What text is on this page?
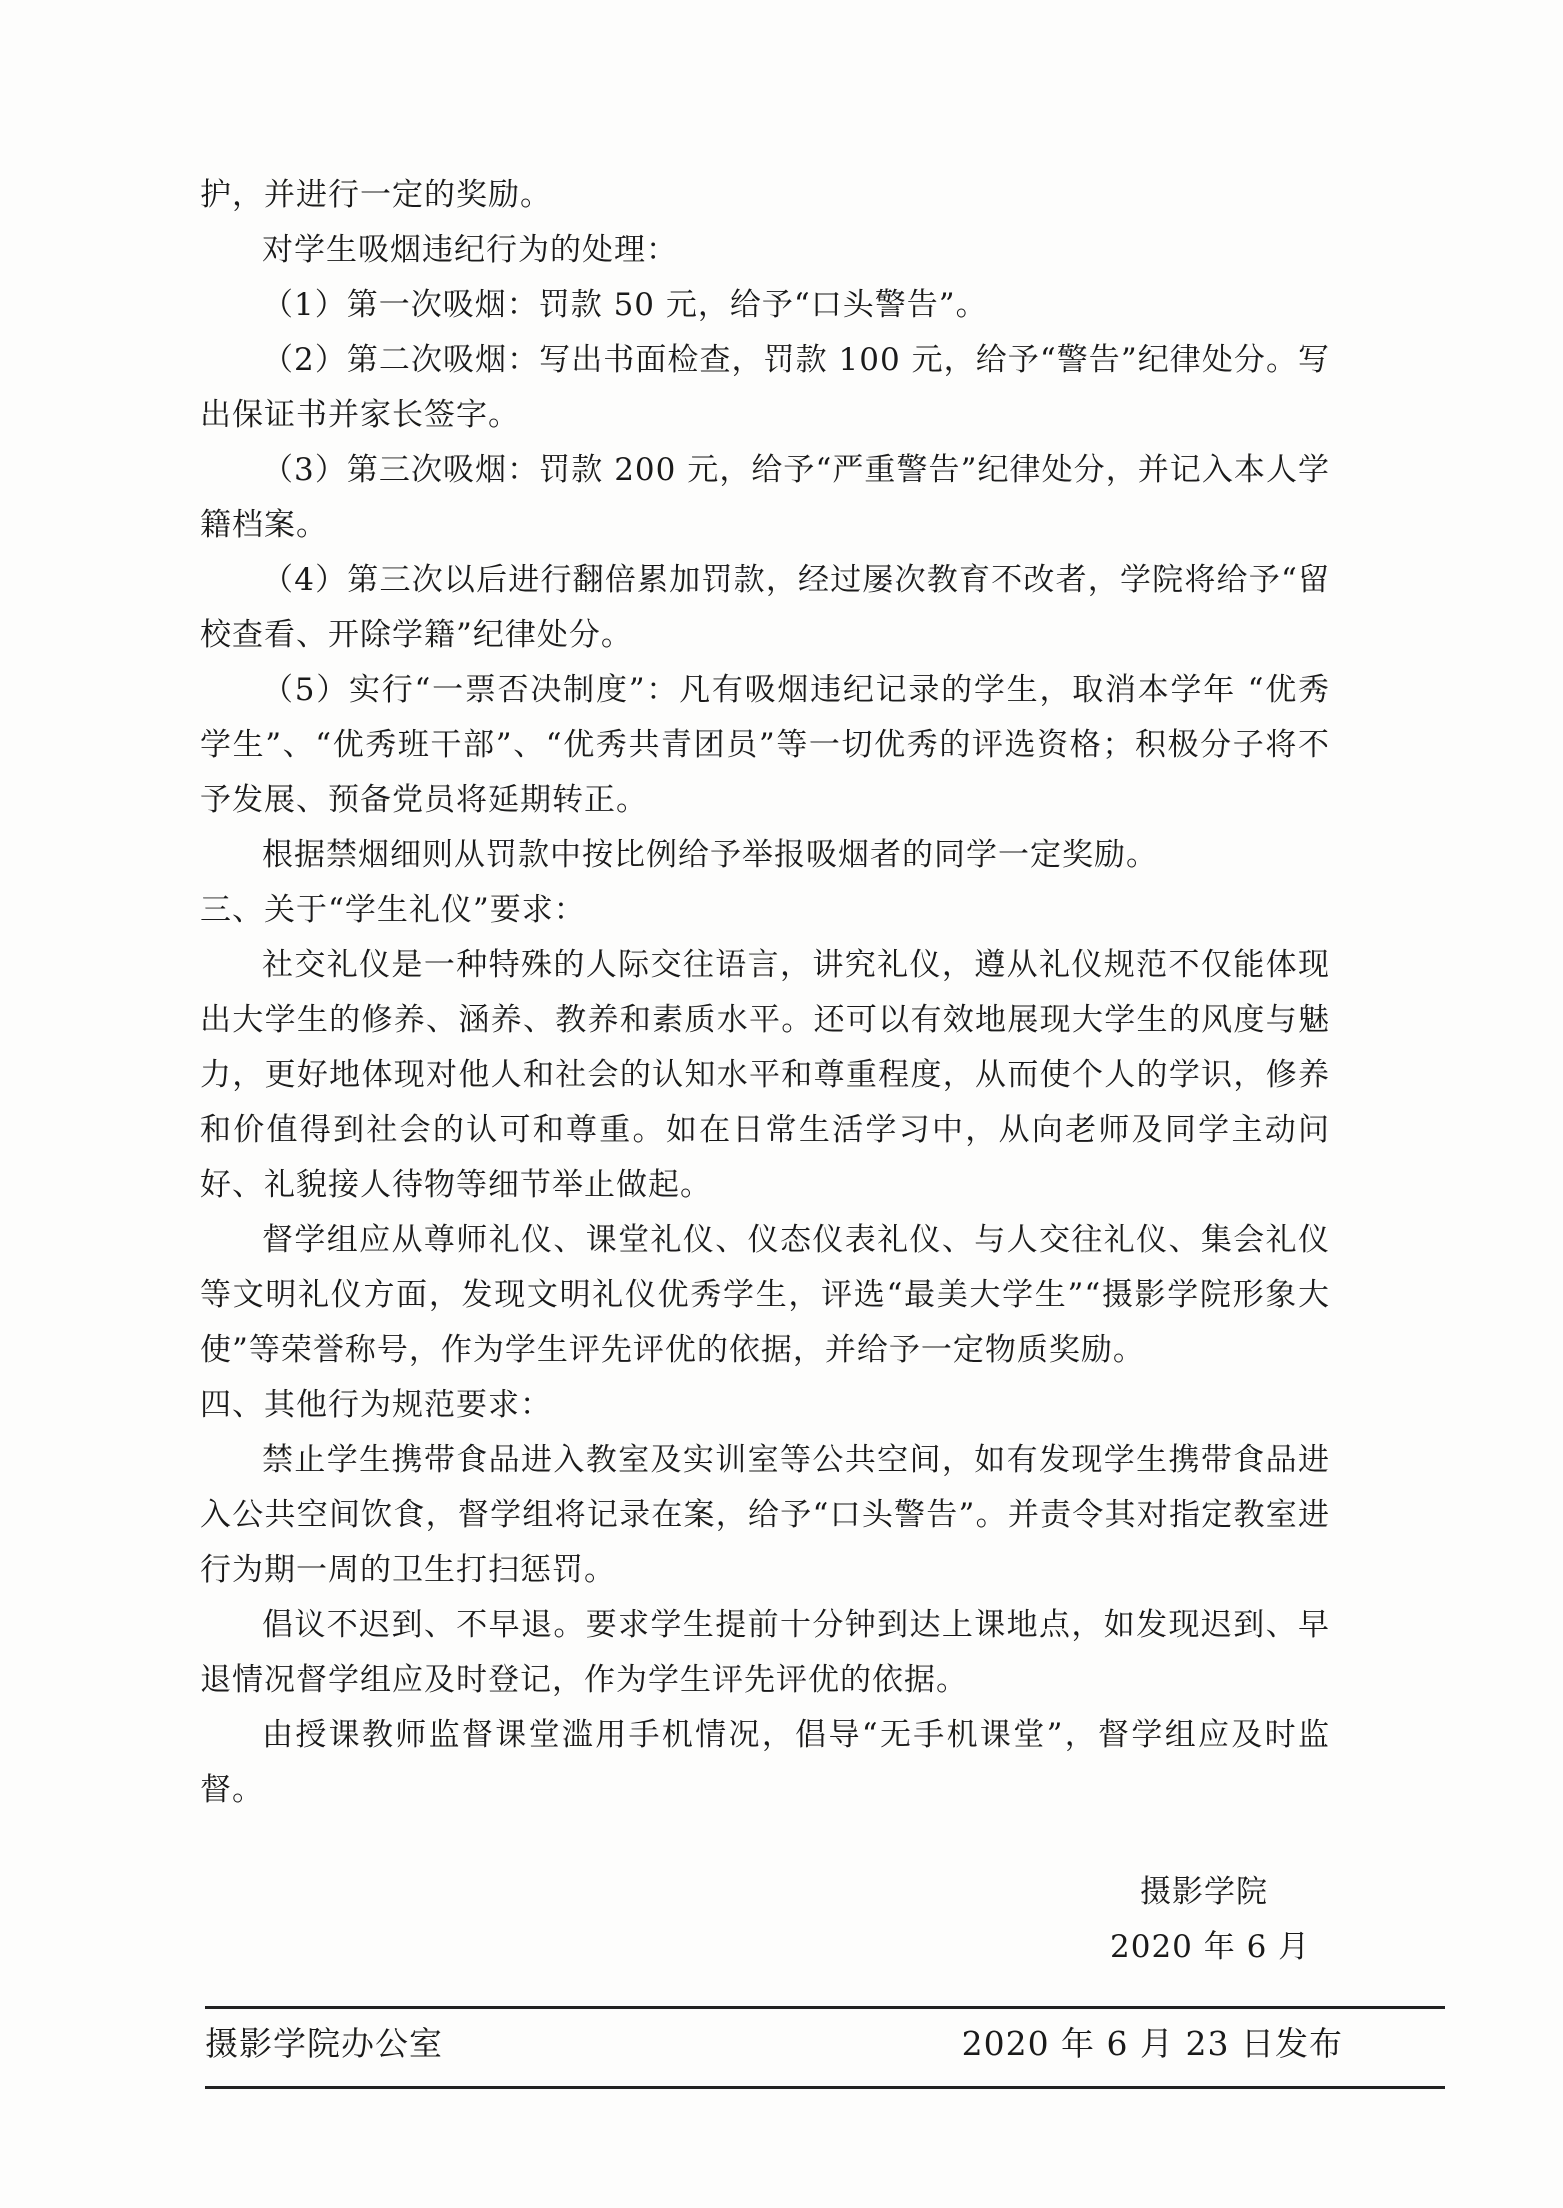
护，并进行一定的奖励。

对学生吸烟违纪行为的处理：

（1）第一次吸烟：罚款 50 元，给予“口头警告”。

（2）第二次吸烟：写出书面检查，罚款 100 元，给予“警告”纪律处分。写出保证书并家长签字。

（3）第三次吸烟：罚款 200 元，给予“严重警告”纪律处分，并记入本人学籍档案。

（4）第三次以后进行翻倍累加罚款，经过屡次教育不改者，学院将给予“留校查看、开除学籍”纪律处分。

（5）实行“一票否决制度”：凡有吸烟违纪记录的学生，取消本学年 “优秀学生”、“优秀班干部”、“优秀共青团员”等一切优秀的评选资格；积极分子将不予发展、预备党员将延期转正。

根据禁烟细则从罚款中按比例给予举报吸烟者的同学一定奖励。

三、关于“学生礼仪”要求：

社交礼仪是一种特殊的人际交往语言，讲究礼仪，遵从礼仪规范不仅能体现出大学生的修养、涵养、教养和素质水平。还可以有效地展现大学生的风度与魅力，更好地体现对他人和社会的认知水平和尊重程度，从而使个人的学识，修养和价值得到社会的认可和尊重。如在日常生活学习中，从向老师及同学主动问好、礼貌接人待物等细节举止做起。

督学组应从尊师礼仪、课堂礼仪、仪态仪表礼仪、与人交往礼仪、集会礼仪等文明礼仪方面，发现文明礼仪优秀学生，评选“最美大学生”“摄影学院形象大使”等荣誉称号，作为学生评先评优的依据，并给予一定物质奖励。

四、其他行为规范要求：

禁止学生携带食品进入教室及实训室等公共空间，如有发现学生携带食品进入公共空间饮食，督学组将记录在案，给予“口头警告”。并责令其对指定教室进行为期一周的卫生打扫惩罚。

倡议不迟到、不早退。要求学生提前十分钟到达上课地点，如发现迟到、早退情况督学组应及时登记，作为学生评先评优的依据。

由授课教师监督课堂滥用手机情况，倡导“无手机课堂”，督学组应及时监督。

摄影学院
2020 年 6 月
摄影学院办公室	2020 年 6 月 23 日发布
